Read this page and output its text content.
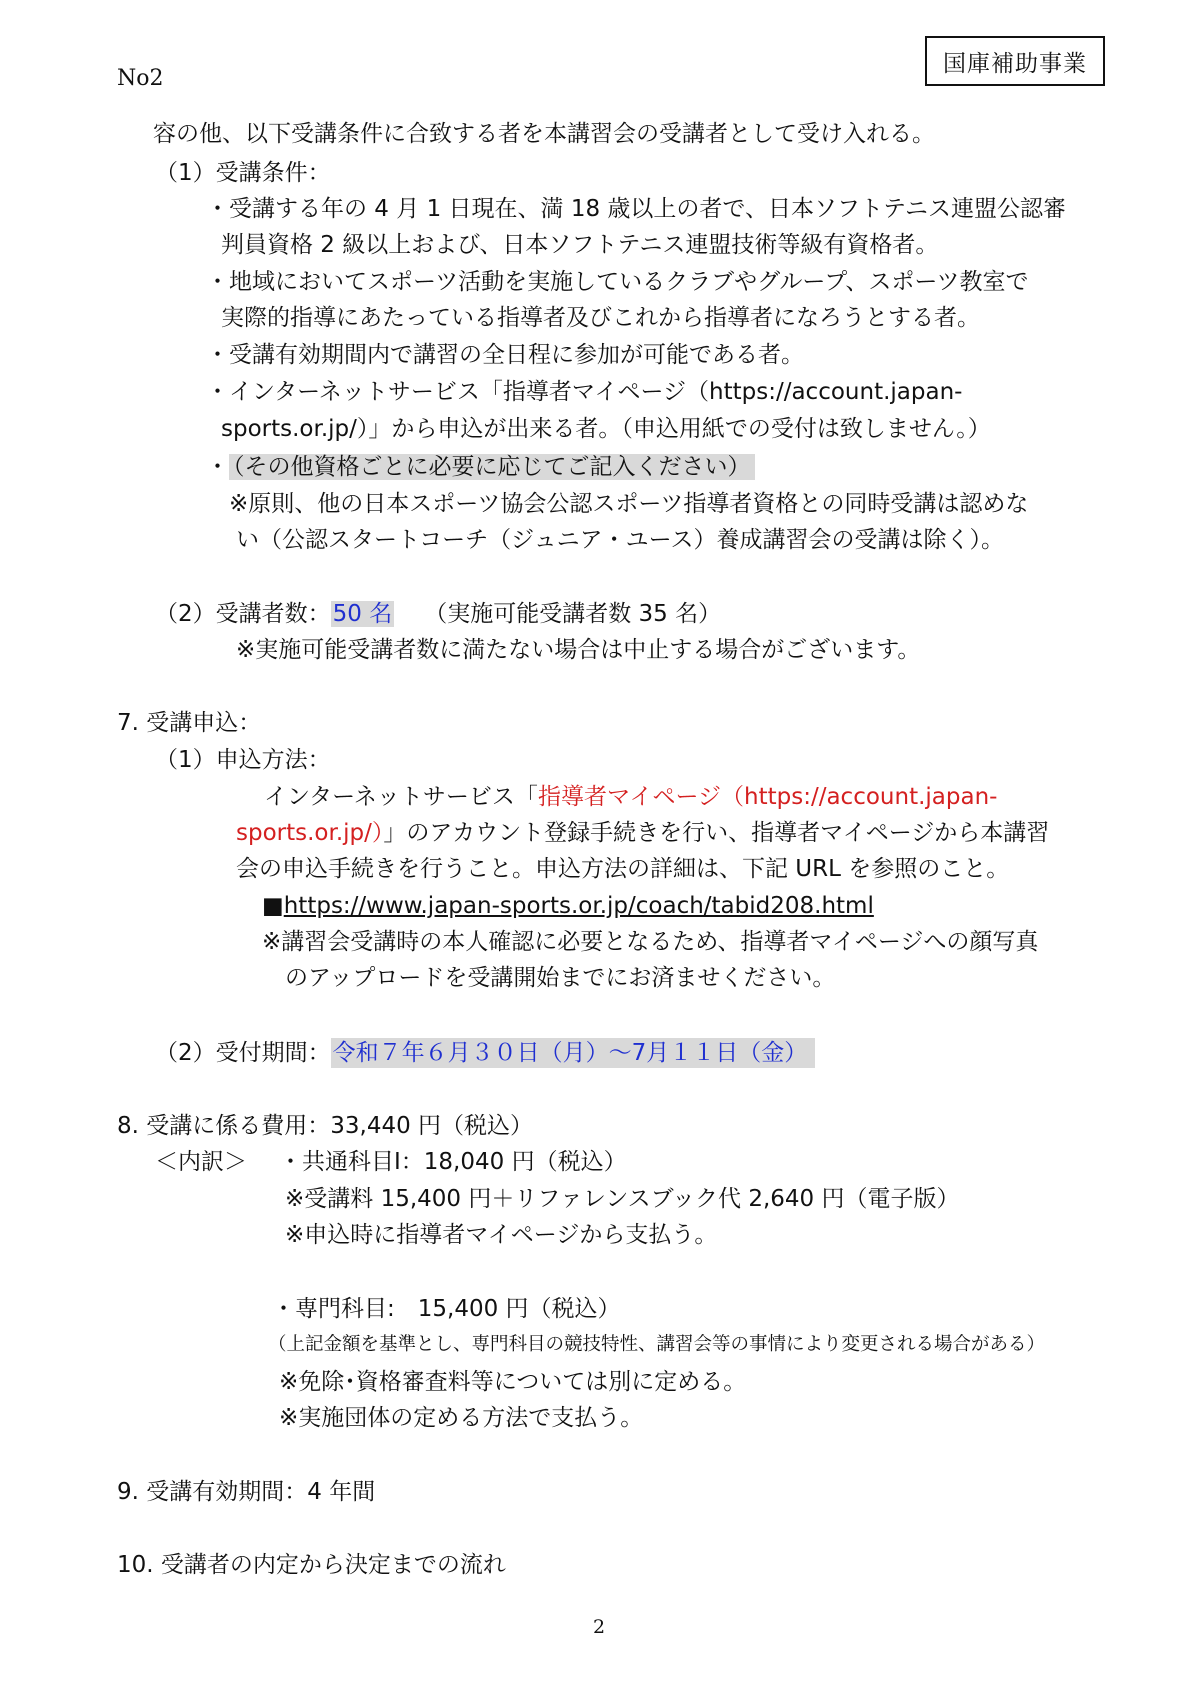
No2
国庫補助事業
容の他、以下受講条件に合致する者を本講習会の受講者として受け入れる。
（1）受講条件：
・受講する年の 4 月 1 日現在、満 18 歳以上の者で、日本ソフトテニス連盟公認審
判員資格 2 級以上および、日本ソフトテニス連盟技術等級有資格者。
・地域においてスポーツ活動を実施しているクラブやグループ、スポーツ教室で
実際的指導にあたっている指導者及びこれから指導者になろうとする者。
・受講有効期間内で講習の全日程に参加が可能である者。
・インターネットサービス「指導者マイページ（https://account.japan-
sports.or.jp/）」から申込が出来る者。（申込用紙での受付は致しません。）
・ （その他資格ごとに必要に応じてご記入ください）
※原則、他の日本スポーツ協会公認スポーツ指導者資格との同時受講は認めな
い（公認スタートコーチ（ジュニア・ユース）養成講習会の受講は除く）。
（2）受講者数：50 名 （実施可能受講者数 35 名）
※実施可能受講者数に満たない場合は中止する場合がございます。
7. 受講申込：
（1）申込方法：
インターネットサービス「指導者マイページ（https://account.japan-
sports.or.jp/）」のアカウント登録手続きを行い、指導者マイページから本講習
会の申込手続きを行うこと。申込方法の詳細は、下記 URL を参照のこと。
■https://www.japan-sports.or.jp/coach/tabid208.html
※講習会受講時の本人確認に必要となるため、指導者マイページへの顔写真
のアップロードを受講開始までにお済ませください。
（2）受付期間：令和７年６月３０日（月）～7月１１日（金）
8. 受講に係る費用：33,440 円（税込）
＜内訳＞ ・共通科目Ⅰ：18,040 円（税込）
※受講料 15,400 円＋リファレンスブック代 2,640 円（電子版）
※申込時に指導者マイページから支払う。
・専門科目:　15,400 円（税込）
（上記金額を基準とし、専門科目の競技特性、講習会等の事情により変更される場合がある）
※免除･資格審査料等については別に定める。
※実施団体の定める方法で支払う。
9. 受講有効期間：4 年間
10. 受講者の内定から決定までの流れ
2
